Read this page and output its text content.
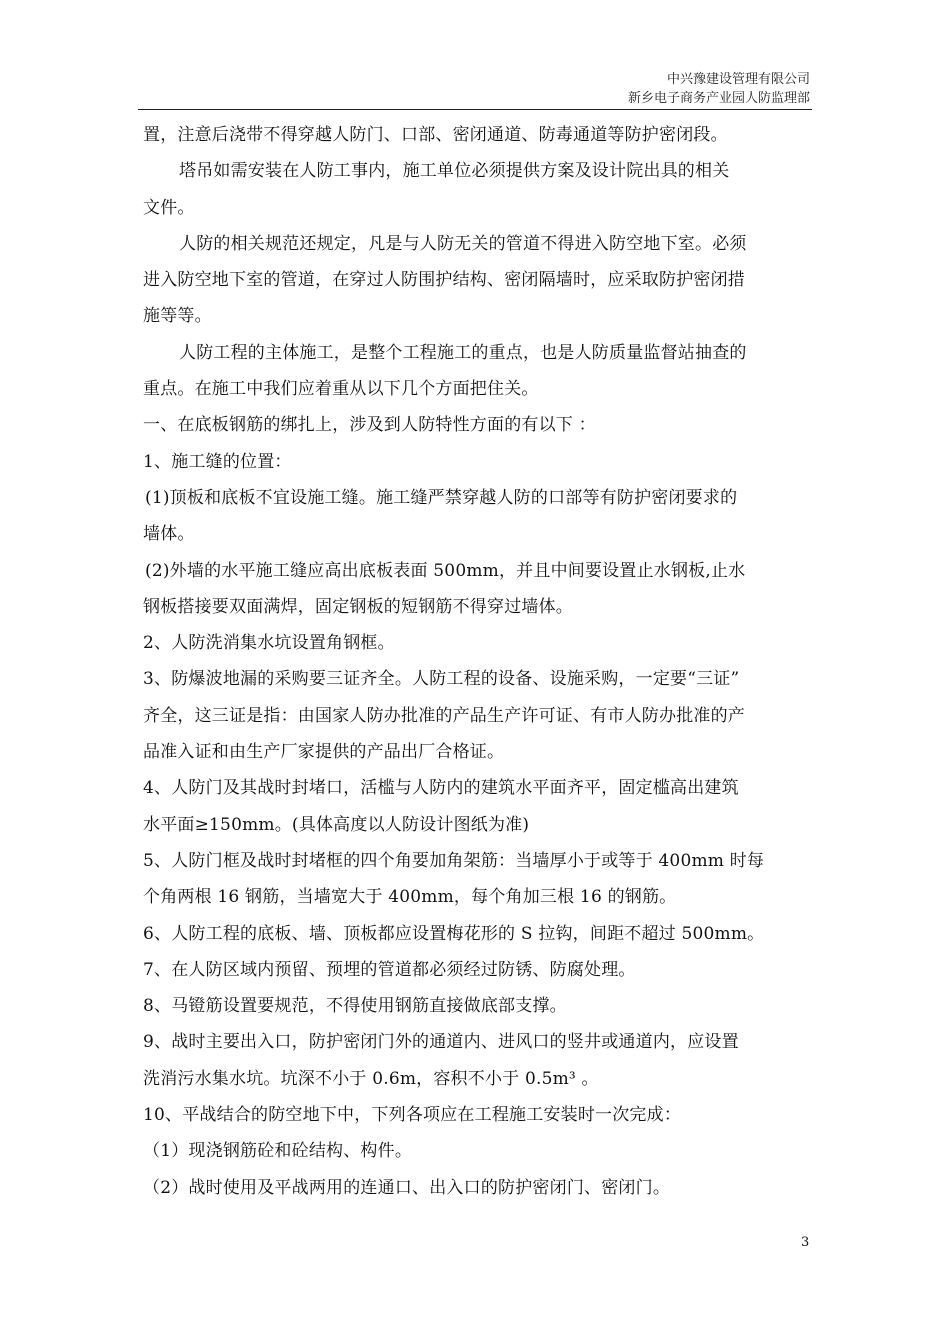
中兴豫建设管理有限公司
新乡电子商务产业园人防监理部
置，注意后浇带不得穿越人防门、口部、密闭通道、防毒通道等防护密闭段。
塔吊如需安装在人防工事内，施工单位必须提供方案及设计院出具的相关
文件。
人防的相关规范还规定，凡是与人防无关的管道不得进入防空地下室。必须
进入防空地下室的管道，在穿过人防围护结构、密闭隔墙时，应采取防护密闭措
施等等。
人防工程的主体施工，是整个工程施工的重点，也是人防质量监督站抽查的
重点。在施工中我们应着重从以下几个方面把住关。
一、在底板钢筋的绑扎上，涉及到人防特性方面的有以下 ：
1、施工缝的位置：
(1)顶板和底板不宜设施工缝。施工缝严禁穿越人防的口部等有防护密闭要求的
墙体。
(2)外墙的水平施工缝应高出底板表面 500mm，并且中间要设置止水钢板,止水
钢板搭接要双面满焊，固定钢板的短钢筋不得穿过墙体。
2、人防洗消集水坑设置角钢框。
3、防爆波地漏的采购要三证齐全。人防工程的设备、设施采购，一定要“三证”
齐全，这三证是指：由国家人防办批准的产品生产许可证、有市人防办批准的产
品准入证和由生产厂家提供的产品出厂合格证。
4、人防门及其战时封堵口，活槛与人防内的建筑水平面齐平，固定槛高出建筑
水平面≥150mm。(具体高度以人防设计图纸为准)
5、人防门框及战时封堵框的四个角要加角架筋：当墙厚小于或等于 400mm 时每
个角两根 16 钢筋，当墙宽大于 400mm，每个角加三根 16 的钢筋。
6、人防工程的底板、墙、顶板都应设置梅花形的 S 拉钩，间距不超过 500mm。
7、在人防区域内预留、预埋的管道都必须经过防锈、防腐处理。
8、马镫筋设置要规范，不得使用钢筋直接做底部支撑。
9、战时主要出入口，防护密闭门外的通道内、进风口的竖井或通道内，应设置
洗消污水集水坑。坑深不小于 0.6m，容积不小于 0.5m³ 。
10、平战结合的防空地下中，下列各项应在工程施工安装时一次完成：
（1）现浇钢筋砼和砼结构、构件。
（2）战时使用及平战两用的连通口、出入口的防护密闭门、密闭门。
3
